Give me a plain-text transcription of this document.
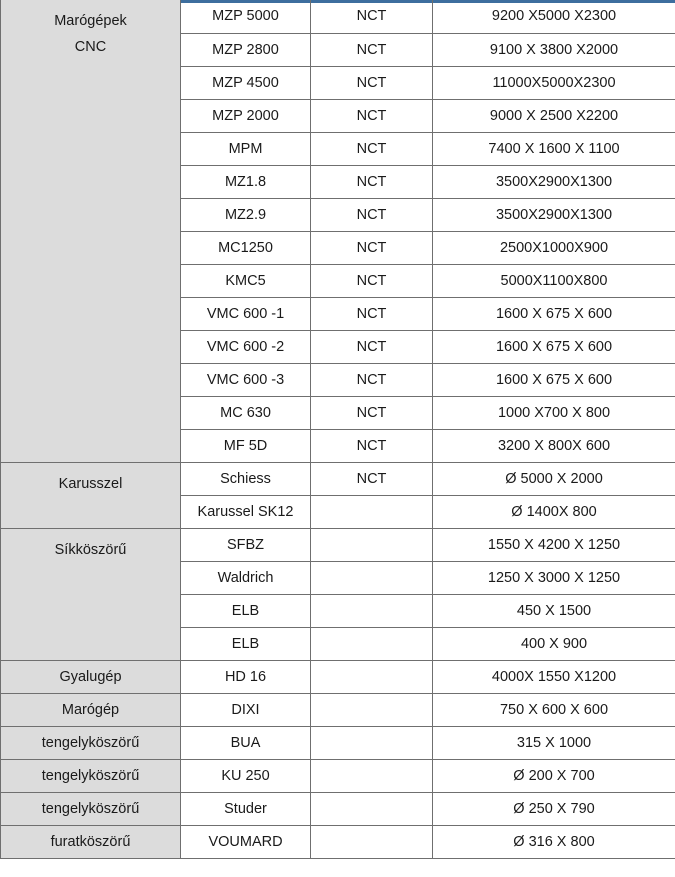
Marógépek
CNC	MZP 5000	NCT	9200 X5000 X2300
	MZP 2800	NCT	9100 X 3800 X2000
	MZP 4500	NCT	11000X5000X2300
	MZP 2000	NCT	9000 X 2500 X2200
	MPM	NCT	7400 X 1600 X 1100
	MZ1.8	NCT	3500X2900X1300
	MZ2.9	NCT	3500X2900X1300
	MC1250	NCT	2500X1000X900
	KMC5	NCT	5000X1100X800
	VMC 600 -1	NCT	1600 X 675 X 600
	VMC 600 -2	NCT	1600 X 675 X 600
	VMC 600 -3	NCT	1600 X 675 X 600
	MC 630	NCT	1000 X700 X 800
	MF 5D	NCT	3200 X 800X 600

Karusszel	Schiess	NCT	Ø 5000 X 2000
	Karussel SK12		Ø 1400X 800

Síkköszörű	SFBZ		1550 X 4200 X 1250
	Waldrich		1250 X 3000 X 1250
	ELB		450 X 1500
	ELB		400 X 900

Gyalugép	HD 16		4000X 1550 X1200

Marógép	DIXI		750 X 600 X 600

tengelyköszörű	BUA		315 X 1000

tengelyköszörű	KU 250		Ø 200 X 700

tengelyköszörű	Studer		Ø 250 X 790

furatköszörű	VOUMARD		Ø 316 X 800
